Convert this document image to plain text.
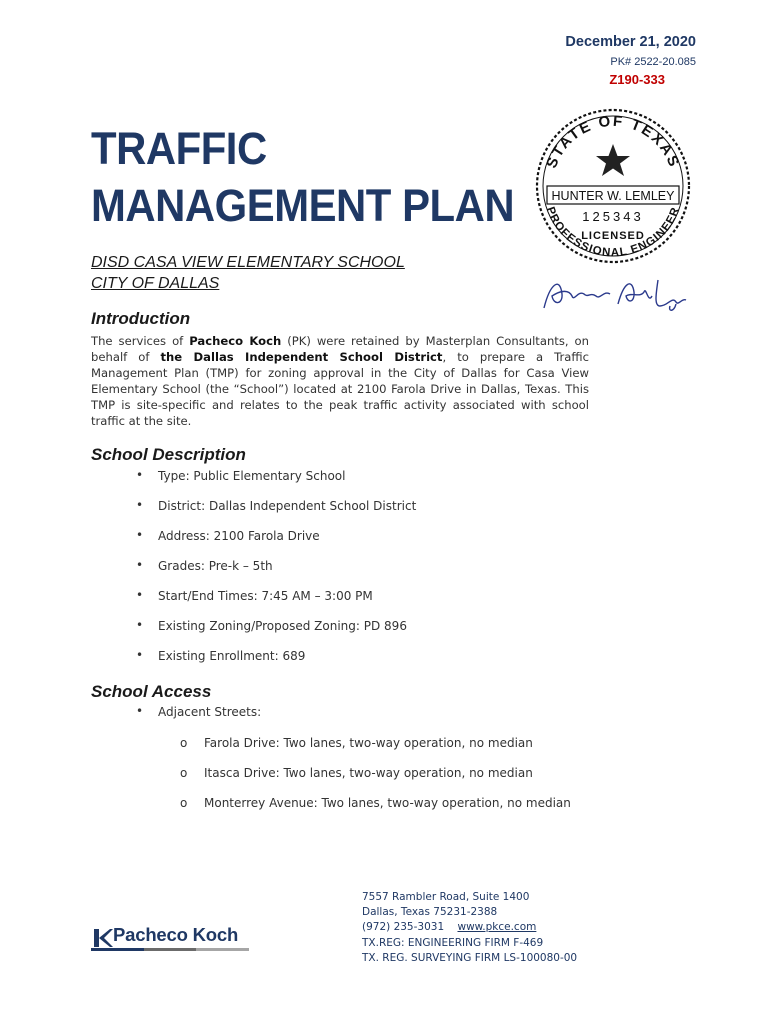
December 21, 2020
PK# 2522-20.085
Z190-333
TRAFFIC
MANAGEMENT PLAN
DISD CASA VIEW ELEMENTARY SCHOOL
CITY OF DALLAS
STATE OF TEXAS
HUNTER W. LEMLEY
125343
LICENSED
PROFESSIONAL ENGINEER
Introduction
The services of Pacheco Koch (PK) were retained by Masterplan Consultants, on behalf of the Dallas Independent School District, to prepare a Traffic Management Plan (TMP) for zoning approval in the City of Dallas for Casa View Elementary School (the “School”) located at 2100 Farola Drive in Dallas, Texas. This TMP is site-specific and relates to the peak traffic activity associated with school traffic at the site.
School Description
• Type: Public Elementary School
• District: Dallas Independent School District
• Address: 2100 Farola Drive
• Grades: Pre-k – 5th
• Start/End Times: 7:45 AM – 3:00 PM
• Existing Zoning/Proposed Zoning: PD 896
• Existing Enrollment: 689
School Access
• Adjacent Streets:
o Farola Drive: Two lanes, two-way operation, no median
o Itasca Drive: Two lanes, two-way operation, no median
o Monterrey Avenue: Two lanes, two-way operation, no median
Pacheco Koch
7557 Rambler Road, Suite 1400
Dallas, Texas 75231-2388
(972) 235-3031 www.pkce.com
TX.REG: ENGINEERING FIRM F-469
TX. REG. SURVEYING FIRM LS-100080-00
